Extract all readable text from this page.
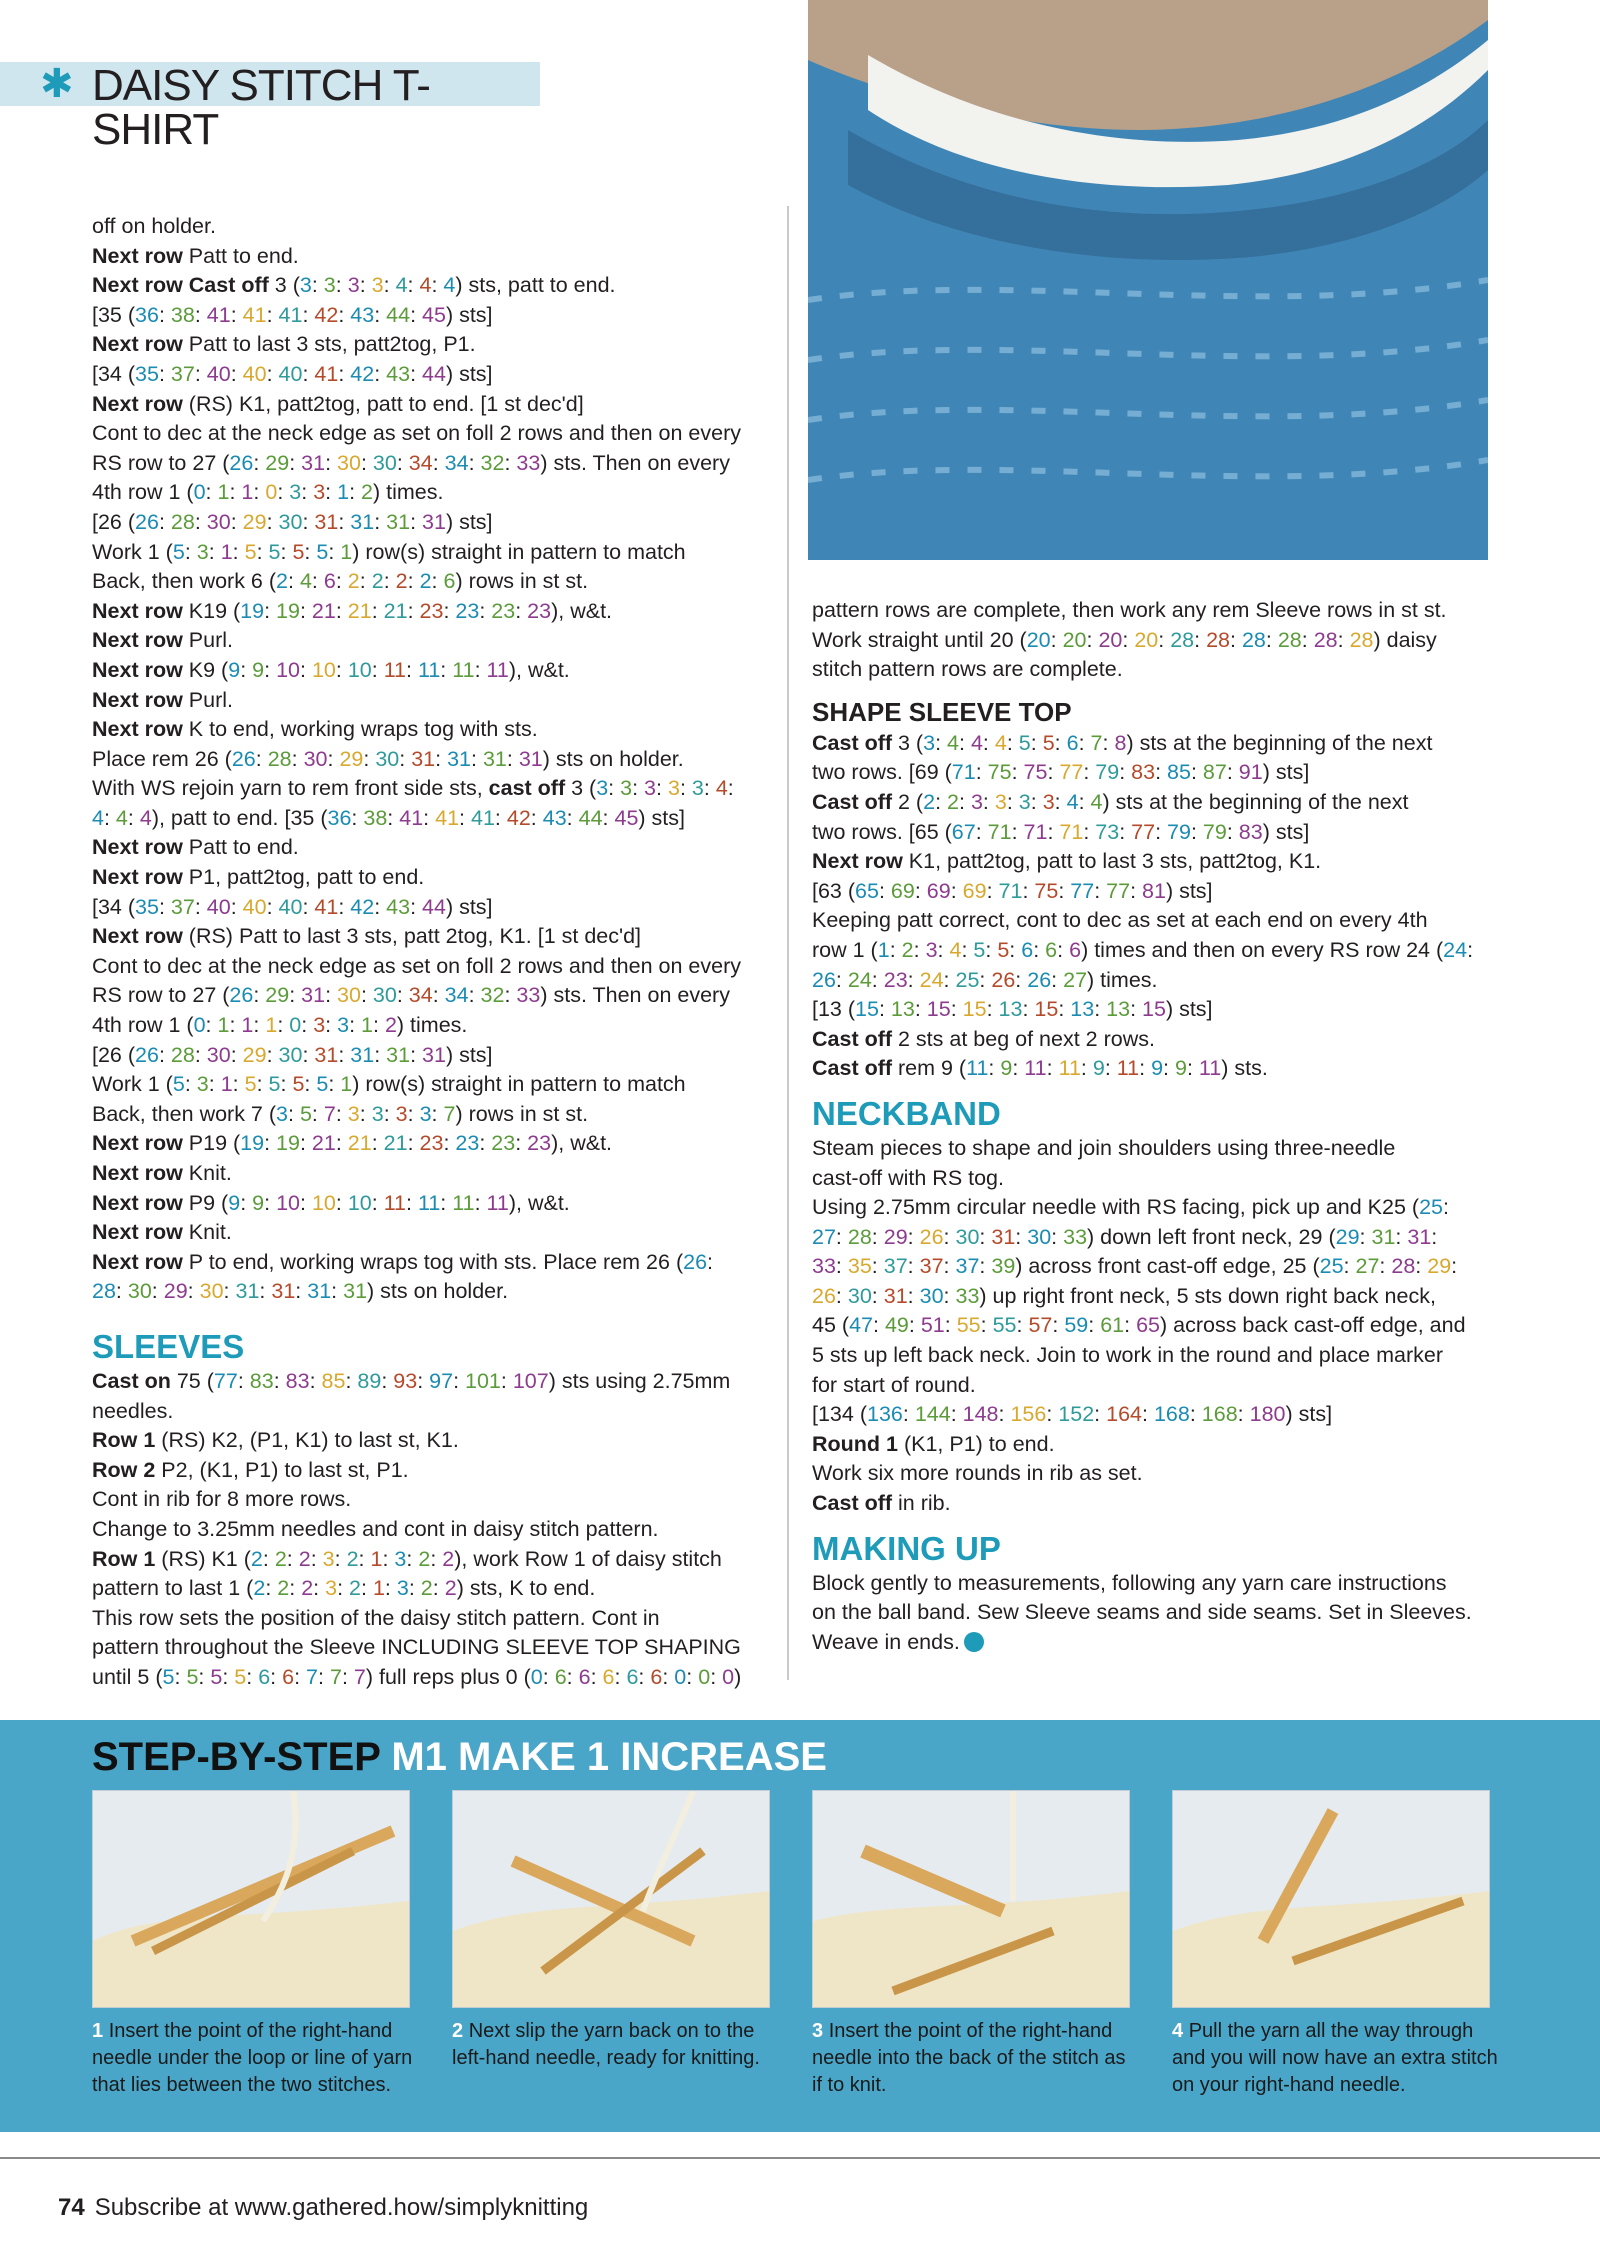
✱ DAISY STITCH T-SHIRT

off on holder.

Next row Patt to end.

Next row Cast off 3 (3: 3: 3: 3: 4: 4: 4) sts, patt to end.

[35 (36: 38: 41: 41: 41: 42: 43: 44: 45) sts]

Next row Patt to last 3 sts, patt2tog, P1.

[34 (35: 37: 40: 40: 40: 41: 42: 43: 44) sts]

Next row (RS) K1, patt2tog, patt to end. [1 st dec'd]

Cont to dec at the neck edge as set on foll 2 rows and then on every

RS row to 27 (26: 29: 31: 30: 30: 34: 34: 32: 33) sts. Then on every

4th row 1 (0: 1: 1: 0: 3: 3: 1: 2) times.

[26 (26: 28: 30: 29: 30: 31: 31: 31: 31) sts]

Work 1 (5: 3: 1: 5: 5: 5: 5: 1) row(s) straight in pattern to match

Back, then work 6 (2: 4: 6: 2: 2: 2: 2: 6) rows in st st.

Next row K19 (19: 19: 21: 21: 21: 23: 23: 23: 23), w&t.

Next row Purl.

Next row K9 (9: 9: 10: 10: 10: 11: 11: 11: 11), w&t.

Next row Purl.

Next row K to end, working wraps tog with sts.

Place rem 26 (26: 28: 30: 29: 30: 31: 31: 31: 31) sts on holder.

With WS rejoin yarn to rem front side sts, cast off 3 (3: 3: 3: 3: 3: 4:

4: 4: 4), patt to end. [35 (36: 38: 41: 41: 41: 42: 43: 44: 45) sts]

Next row Patt to end.

Next row P1, patt2tog, patt to end.

[34 (35: 37: 40: 40: 40: 41: 42: 43: 44) sts]

Next row (RS) Patt to last 3 sts, patt 2tog, K1. [1 st dec'd]

Cont to dec at the neck edge as set on foll 2 rows and then on every

RS row to 27 (26: 29: 31: 30: 30: 34: 34: 32: 33) sts. Then on every

4th row 1 (0: 1: 1: 1: 0: 3: 3: 1: 2) times.

[26 (26: 28: 30: 29: 30: 31: 31: 31: 31) sts]

Work 1 (5: 3: 1: 5: 5: 5: 5: 1) row(s) straight in pattern to match

Back, then work 7 (3: 5: 7: 3: 3: 3: 3: 7) rows in st st.

Next row P19 (19: 19: 21: 21: 21: 23: 23: 23: 23), w&t.

Next row Knit.

Next row P9 (9: 9: 10: 10: 10: 11: 11: 11: 11), w&t.

Next row Knit.

Next row P to end, working wraps tog with sts. Place rem 26 (26:

28: 30: 29: 30: 31: 31: 31: 31) sts on holder.

SLEEVES

Cast on 75 (77: 83: 83: 85: 89: 93: 97: 101: 107) sts using 2.75mm

needles.

Row 1 (RS) K2, (P1, K1) to last st, K1.

Row 2 P2, (K1, P1) to last st, P1.

Cont in rib for 8 more rows.

Change to 3.25mm needles and cont in daisy stitch pattern.

Row 1 (RS) K1 (2: 2: 2: 3: 2: 1: 3: 2: 2), work Row 1 of daisy stitch

pattern to last 1 (2: 2: 2: 3: 2: 1: 3: 2: 2) sts, K to end.

This row sets the position of the daisy stitch pattern. Cont in

pattern throughout the Sleeve INCLUDING SLEEVE TOP SHAPING

until 5 (5: 5: 5: 5: 6: 6: 7: 7: 7) full reps plus 0 (0: 6: 6: 6: 6: 6: 0: 0: 0)

pattern rows are complete, then work any rem Sleeve rows in st st.

Work straight until 20 (20: 20: 20: 20: 28: 28: 28: 28: 28: 28) daisy

stitch pattern rows are complete.

SHAPE SLEEVE TOP

Cast off 3 (3: 4: 4: 4: 5: 5: 6: 7: 8) sts at the beginning of the next

two rows. [69 (71: 75: 75: 77: 79: 83: 85: 87: 91) sts]

Cast off 2 (2: 2: 3: 3: 3: 3: 4: 4) sts at the beginning of the next

two rows. [65 (67: 71: 71: 71: 73: 77: 79: 79: 83) sts]

Next row K1, patt2tog, patt to last 3 sts, patt2tog, K1.

[63 (65: 69: 69: 69: 71: 75: 77: 77: 81) sts]

Keeping patt correct, cont to dec as set at each end on every 4th

row 1 (1: 2: 3: 4: 5: 5: 6: 6: 6) times and then on every RS row 24 (24:

26: 24: 23: 24: 25: 26: 26: 27) times.

[13 (15: 13: 15: 15: 13: 15: 13: 13: 15) sts]

Cast off 2 sts at beg of next 2 rows.

Cast off rem 9 (11: 9: 11: 11: 9: 11: 9: 9: 11) sts.

NECKBAND

Steam pieces to shape and join shoulders using three-needle

cast-off with RS tog.

Using 2.75mm circular needle with RS facing, pick up and K25 (25:

27: 28: 29: 26: 30: 31: 30: 33) down left front neck, 29 (29: 31: 31:

33: 35: 37: 37: 37: 39) across front cast-off edge, 25 (25: 27: 28: 29:

26: 30: 31: 30: 33) up right front neck, 5 sts down right back neck,

45 (47: 49: 51: 55: 55: 57: 59: 61: 65) across back cast-off edge, and

5 sts up left back neck. Join to work in the round and place marker

for start of round.

[134 (136: 144: 148: 156: 152: 164: 168: 168: 180) sts]

Round 1 (K1, P1) to end.

Work six more rounds in rib as set.

Cast off in rib.

MAKING UP

Block gently to measurements, following any yarn care instructions

on the ball band. Sew Sleeve seams and side seams. Set in Sleeves.

Weave in ends.

STEP-BY-STEP M1 MAKE 1 INCREASE
1 Insert the point of the right-hand needle under the loop or line of yarn that lies between the two stitches.
2 Next slip the yarn back on to the left-hand needle, ready for knitting.
3 Insert the point of the right-hand needle into the back of the stitch as if to knit.
4 Pull the yarn all the way through and you will now have an extra stitch on your right-hand needle.
74 Subscribe at www.gathered.how/simplyknitting
